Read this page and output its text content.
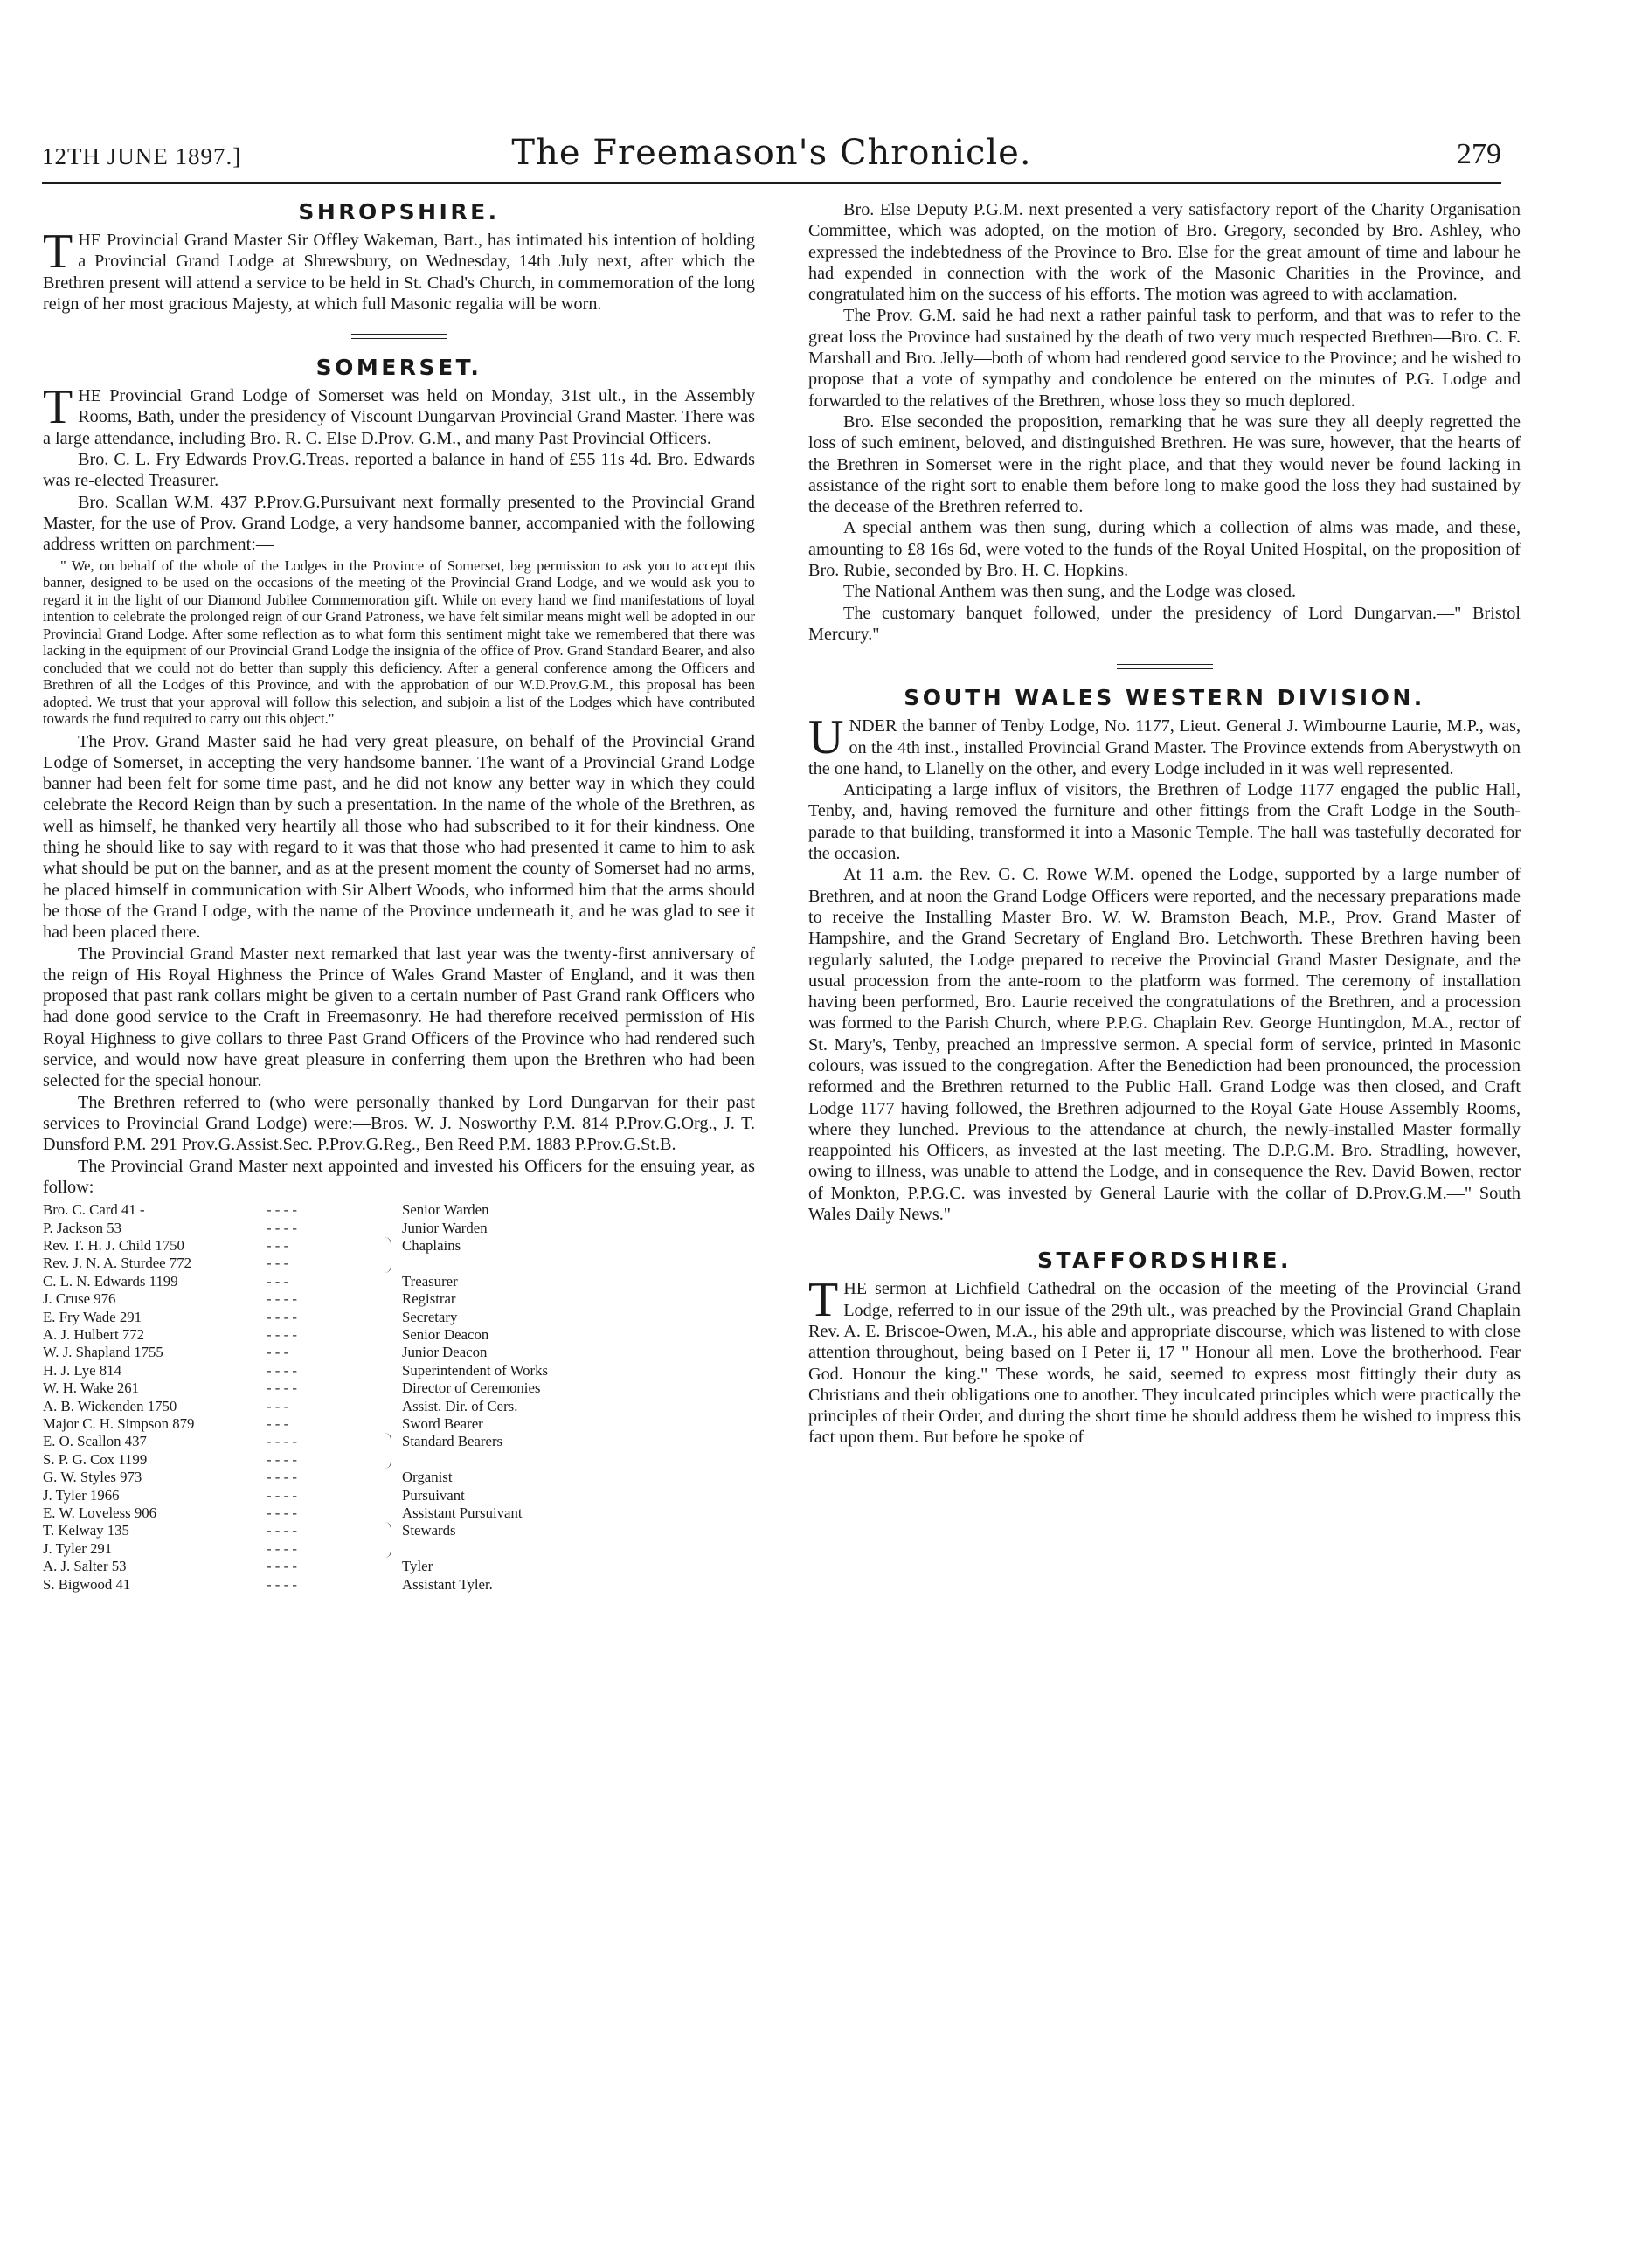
12TH JUNE 1897.]	The Freemason's Chronicle.	279
SHROPSHIRE.

THE Provincial Grand Master Sir Offley Wakeman, Bart., has intimated his intention of holding a Provincial Grand Lodge at Shrewsbury, on Wednesday, 14th July next, after which the Brethren present will attend a service to be held in St. Chad's Church, in commemoration of the long reign of her most gracious Majesty, at which full Masonic regalia will be worn.

SOMERSET.

THE Provincial Grand Lodge of Somerset was held on Monday, 31st ult., in the Assembly Rooms, Bath, under the presidency of Viscount Dungarvan Provincial Grand Master. There was a large attendance, including Bro. R. C. Else D.Prov. G.M., and many Past Provincial Officers.

Bro. C. L. Fry Edwards Prov.G.Treas. reported a balance in hand of £55 11s 4d. Bro. Edwards was re-elected Treasurer.

Bro. Scallan W.M. 437 P.Prov.G.Pursuivant next formally presented to the Provincial Grand Master, for the use of Prov. Grand Lodge, a very handsome banner, accompanied with the following address written on parchment:—

" We, on behalf of the whole of the Lodges in the Province of Somerset, beg permission to ask you to accept this banner, designed to be used on the occasions of the meeting of the Provincial Grand Lodge, and we would ask you to regard it in the light of our Diamond Jubilee Commemoration gift. While on every hand we find manifestations of loyal intention to celebrate the prolonged reign of our Grand Patroness, we have felt similar means might well be adopted in our Provincial Grand Lodge. After some reflection as to what form this sentiment might take we remembered that there was lacking in the equipment of our Provincial Grand Lodge the insignia of the office of Prov. Grand Standard Bearer, and also concluded that we could not do better than supply this deficiency. After a general conference among the Officers and Brethren of all the Lodges of this Province, and with the approbation of our W.D.Prov.G.M., this proposal has been adopted. We trust that your approval will follow this selection, and subjoin a list of the Lodges which have contributed towards the fund required to carry out this object."

The Prov. Grand Master said he had very great pleasure, on behalf of the Provincial Grand Lodge of Somerset, in accepting the very handsome banner. The want of a Provincial Grand Lodge banner had been felt for some time past, and he did not know any better way in which they could celebrate the Record Reign than by such a presentation. In the name of the whole of the Brethren, as well as himself, he thanked very heartily all those who had subscribed to it for their kindness. One thing he should like to say with regard to it was that those who had presented it came to him to ask what should be put on the banner, and as at the present moment the county of Somerset had no arms, he placed himself in communication with Sir Albert Woods, who informed him that the arms should be those of the Grand Lodge, with the name of the Province underneath it, and he was glad to see it had been placed there.

The Provincial Grand Master next remarked that last year was the twenty-first anniversary of the reign of His Royal Highness the Prince of Wales Grand Master of England, and it was then proposed that past rank collars might be given to a certain number of Past Grand rank Officers who had done good service to the Craft in Freemasonry. He had therefore received permission of His Royal Highness to give collars to three Past Grand Officers of the Province who had rendered such service, and would now have great pleasure in conferring them upon the Brethren who had been selected for the special honour.

The Brethren referred to (who were personally thanked by Lord Dungarvan for their past services to Provincial Grand Lodge) were:—Bros. W. J. Nosworthy P.M. 814 P.Prov.G.Org., J. T. Dunsford P.M. 291 Prov.G.Assist.Sec. P.Prov.G.Reg., Ben Reed P.M. 1883 P.Prov.G.St.B.

The Provincial Grand Master next appointed and invested his Officers for the ensuing year, as follow:

Bro. C. Card 41 -	- - - -	Senior Warden
P. Jackson 53	- - - -	Junior Warden
Rev. T. H. J. Child 1750	- - -	Chaplains
Rev. J. N. A. Sturdee 772	- - -
C. L. N. Edwards 1199	- - -	Treasurer
J. Cruse 976	- - - -	Registrar
E. Fry Wade 291	- - - -	Secretary
A. J. Hulbert 772	- - - -	Senior Deacon
W. J. Shapland 1755	- - -	Junior Deacon
H. J. Lye 814	- - - -	Superintendent of Works
W. H. Wake 261	- - - -	Director of Ceremonies
A. B. Wickenden 1750	- - -	Assist. Dir. of Cers.
Major C. H. Simpson 879	- - -	Sword Bearer
E. O. Scallon 437	- - - -	Standard Bearers
S. P. G. Cox 1199	- - - -
G. W. Styles 973	- - - -	Organist
J. Tyler 1966	- - - -	Pursuivant
E. W. Loveless 906	- - - -	Assistant Pursuivant
T. Kelway 135	- - - -	Stewards
J. Tyler 291	- - - -
A. J. Salter 53	- - - -	Tyler
S. Bigwood 41	- - - -	Assistant Tyler.

Bro. Else Deputy P.G.M. next presented a very satisfactory report of the Charity Organisation Committee, which was adopted, on the motion of Bro. Gregory, seconded by Bro. Ashley, who expressed the indebtedness of the Province to Bro. Else for the great amount of time and labour he had expended in connection with the work of the Masonic Charities in the Province, and congratulated him on the success of his efforts. The motion was agreed to with acclamation.

The Prov. G.M. said he had next a rather painful task to perform, and that was to refer to the great loss the Province had sustained by the death of two very much respected Brethren—Bro. C. F. Marshall and Bro. Jelly—both of whom had rendered good service to the Province; and he wished to propose that a vote of sympathy and condolence be entered on the minutes of P.G. Lodge and forwarded to the relatives of the Brethren, whose loss they so much deplored.

Bro. Else seconded the proposition, remarking that he was sure they all deeply regretted the loss of such eminent, beloved, and distinguished Brethren. He was sure, however, that the hearts of the Brethren in Somerset were in the right place, and that they would never be found lacking in assistance of the right sort to enable them before long to make good the loss they had sustained by the decease of the Brethren referred to.

A special anthem was then sung, during which a collection of alms was made, and these, amounting to £8 16s 6d, were voted to the funds of the Royal United Hospital, on the proposition of Bro. Rubie, seconded by Bro. H. C. Hopkins.

The National Anthem was then sung, and the Lodge was closed.

The customary banquet followed, under the presidency of Lord Dungarvan.—" Bristol Mercury."

SOUTH WALES WESTERN DIVISION.

UNDER the banner of Tenby Lodge, No. 1177, Lieut. General J. Wimbourne Laurie, M.P., was, on the 4th inst., installed Provincial Grand Master. The Province extends from Aberystwyth on the one hand, to Llanelly on the other, and every Lodge included in it was well represented.

Anticipating a large influx of visitors, the Brethren of Lodge 1177 engaged the public Hall, Tenby, and, having removed the furniture and other fittings from the Craft Lodge in the South-parade to that building, transformed it into a Masonic Temple. The hall was tastefully decorated for the occasion.

At 11 a.m. the Rev. G. C. Rowe W.M. opened the Lodge, supported by a large number of Brethren, and at noon the Grand Lodge Officers were reported, and the necessary preparations made to receive the Installing Master Bro. W. W. Bramston Beach, M.P., Prov. Grand Master of Hampshire, and the Grand Secretary of England Bro. Letchworth. These Brethren having been regularly saluted, the Lodge prepared to receive the Provincial Grand Master Designate, and the usual procession from the ante-room to the platform was formed. The ceremony of installation having been performed, Bro. Laurie received the congratulations of the Brethren, and a procession was formed to the Parish Church, where P.P.G. Chaplain Rev. George Huntingdon, M.A., rector of St. Mary's, Tenby, preached an impressive sermon. A special form of service, printed in Masonic colours, was issued to the congregation. After the Benediction had been pronounced, the procession reformed and the Brethren returned to the Public Hall. Grand Lodge was then closed, and Craft Lodge 1177 having followed, the Brethren adjourned to the Royal Gate House Assembly Rooms, where they lunched. Previous to the attendance at church, the newly-installed Master formally reappointed his Officers, as invested at the last meeting. The D.P.G.M. Bro. Stradling, however, owing to illness, was unable to attend the Lodge, and in consequence the Rev. David Bowen, rector of Monkton, P.P.G.C. was invested by General Laurie with the collar of D.Prov.G.M.—" South Wales Daily News."

STAFFORDSHIRE.

THE sermon at Lichfield Cathedral on the occasion of the meeting of the Provincial Grand Lodge, referred to in our issue of the 29th ult., was preached by the Provincial Grand Chaplain Rev. A. E. Briscoe-Owen, M.A., his able and appropriate discourse, which was listened to with close attention throughout, being based on I Peter ii, 17 " Honour all men. Love the brotherhood. Fear God. Honour the king." These words, he said, seemed to express most fittingly their duty as Christians and their obligations one to another. They inculcated principles which were practically the principles of their Order, and during the short time he should address them he wished to impress this fact upon them. But before he spoke of
